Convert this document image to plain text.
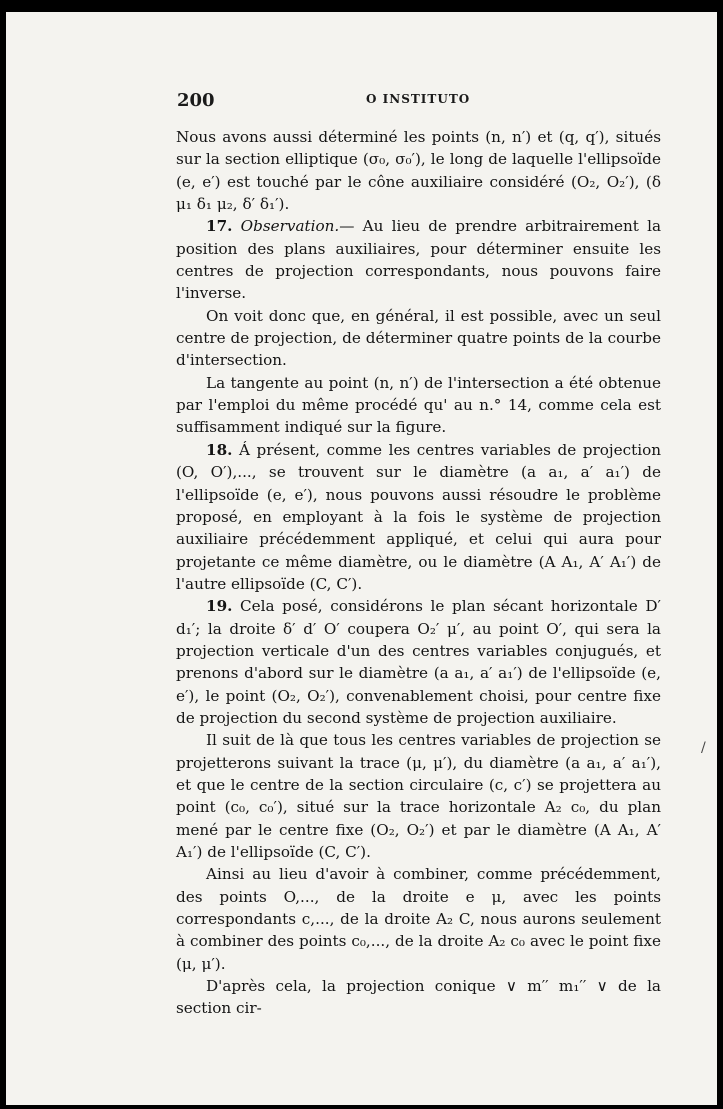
200	O INSTITUTO

Nous avons aussi déterminé les points (n, n′) et (q, q′), situés sur la section elliptique (σ₀, σ₀′), le long de laquelle l'ellipsoïde (e, e′) est touché par le cône auxiliaire considéré (O₂, O₂′), (δ μ₁ δ₁ μ₂, δ′ δ₁′).

17. Observation.— Au lieu de prendre arbitrairement la position des plans auxiliaires, pour déterminer ensuite les centres de projection correspondants, nous pouvons faire l'inverse.

On voit donc que, en général, il est possible, avec un seul centre de projection, de déterminer quatre points de la courbe d'intersection.

La tangente au point (n, n′) de l'intersection a été obtenue par l'emploi du même procédé qu' au n.° 14, comme cela est suffisamment indiqué sur la figure.

18. Á présent, comme les centres variables de projection (O, O′),..., se trouvent sur le diamètre (a a₁, a′ a₁′) de l'ellipsoïde (e, e′), nous pouvons aussi résoudre le problème proposé, en employant à la fois le système de projection auxiliaire précédemment appliqué, et celui qui aura pour projetante ce même diamètre, ou le diamètre (A A₁, A′ A₁′) de l'autre ellipsoïde (C, C′).

19. Cela posé, considérons le plan sécant horizontale D′ d₁′; la droite δ′ d′ O′ coupera O₂′ μ′, au point O′, qui sera la projection verticale d'un des centres variables conjugués, et prenons d'abord sur le diamètre (a a₁, a′ a₁′) de l'ellipsoïde (e, e′), le point (O₂, O₂′), convenablement choisi, pour centre fixe de projection du second système de projection auxiliaire.

Il suit de là que tous les centres variables de projection se projetterons suivant la trace (μ, μ′), du diamètre (a a₁, a′ a₁′), et que le centre de la section circulaire (c, c′) se projettera au point (c₀, c₀′), situé sur la trace horizontale A₂ c₀, du plan mené par le centre fixe (O₂, O₂′) et par le diamètre (A A₁, A′ A₁′) de l'ellipsoïde (C, C′).

Ainsi au lieu d'avoir à combiner, comme précédemment, des points O,..., de la droite e μ, avec les points correspondants c,..., de la droite A₂ C, nous aurons seulement à combiner des points c₀,..., de la droite A₂ c₀ avec le point fixe (μ, μ′).

D'après cela, la projection conique ∨ m′′ m₁′′ ∨ de la section cir-

/
